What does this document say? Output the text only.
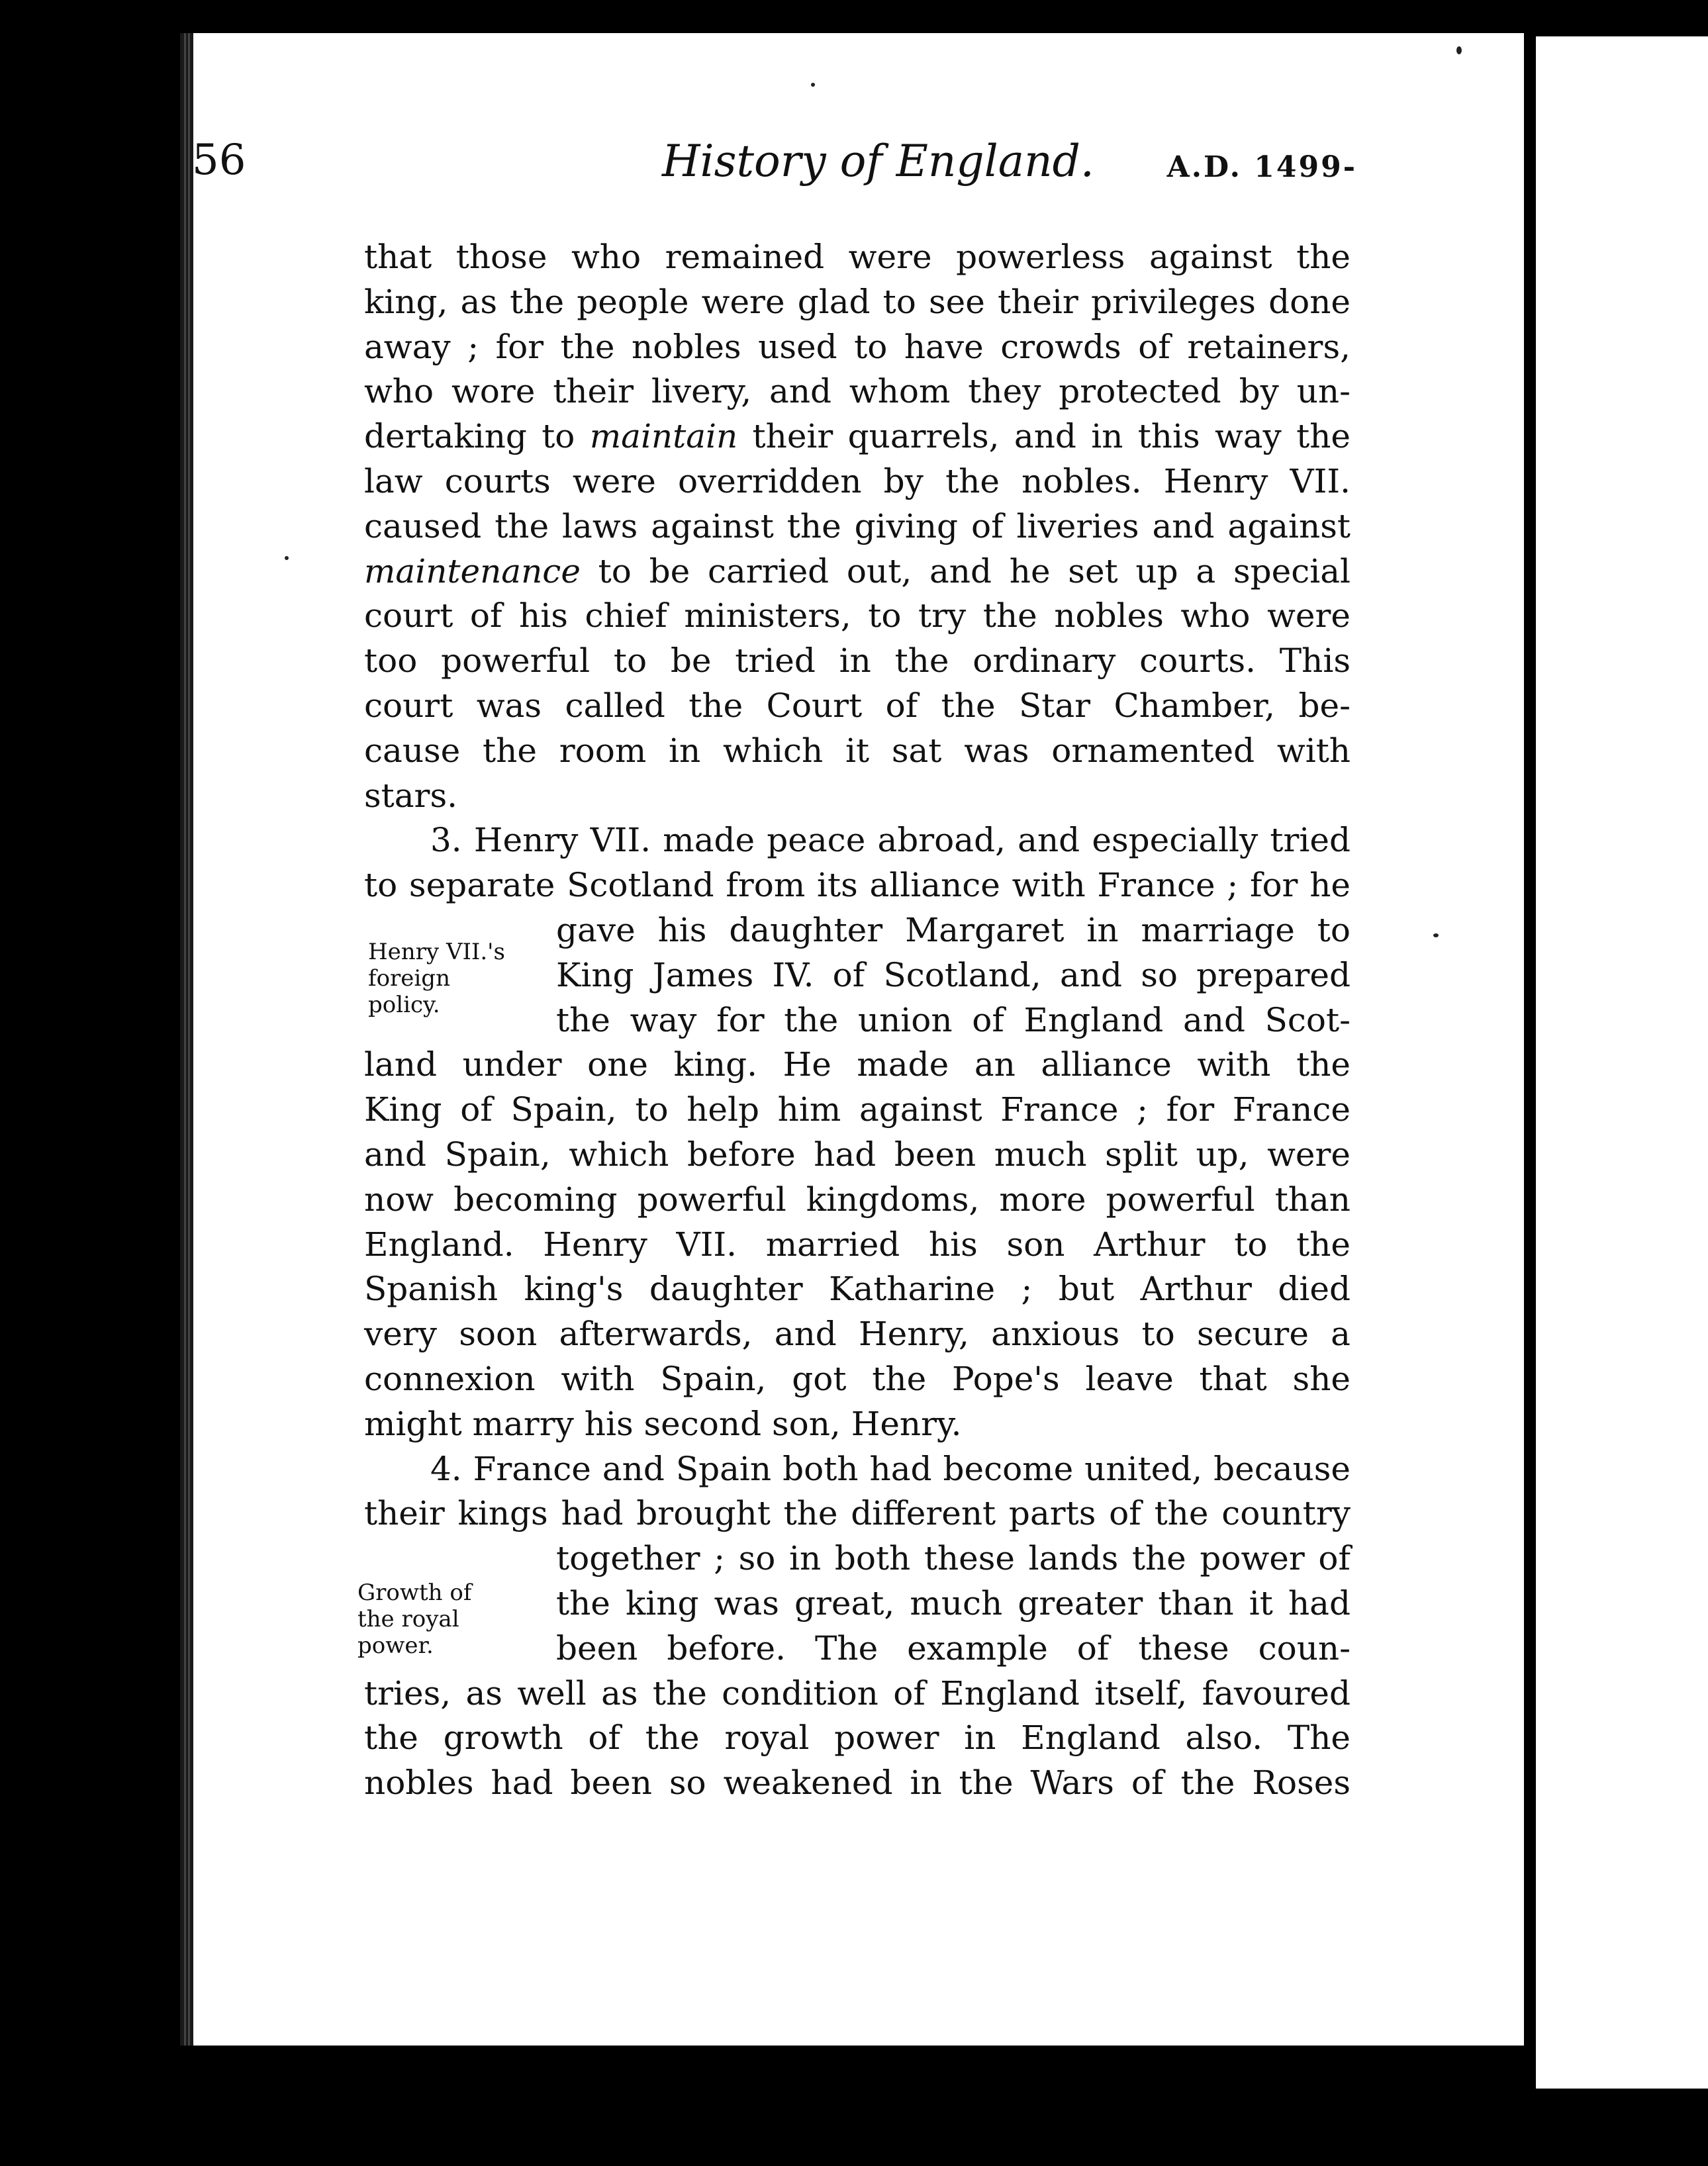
56	History of England. A.D. 1499-
that those who remained were powerless against the
king, as the people were glad to see their privileges done
away ; for the nobles used to have crowds of retainers,
who wore their livery, and whom they protected by un-
dertaking to maintain their quarrels, and in this way the
law courts were overridden by the nobles. Henry VII.
caused the laws against the giving of liveries and against
maintenance to be carried out, and he set up a special
court of his chief ministers, to try the nobles who were
too powerful to be tried in the ordinary courts. This
court was called the Court of the Star Chamber, be-
cause the room in which it sat was ornamented with
stars.
3. Henry VII. made peace abroad, and especially tried
to separate Scotland from its alliance with France ; for he
gave his daughter Margaret in marriage to
King James IV. of Scotland, and so prepared
the way for the union of England and Scot-
land under one king. He made an alliance with the
King of Spain, to help him against France ; for France
and Spain, which before had been much split up, were
now becoming powerful kingdoms, more powerful than
England. Henry VII. married his son Arthur to the
Spanish king's daughter Katharine ; but Arthur died
very soon afterwards, and Henry, anxious to secure a
connexion with Spain, got the Pope's leave that she
might marry his second son, Henry.
4. France and Spain both had become united, because
their kings had brought the different parts of the country
together ; so in both these lands the power of
the king was great, much greater than it had
been before. The example of these coun-
tries, as well as the condition of England itself, favoured
the growth of the royal power in England also. The
nobles had been so weakened in the Wars of the Roses
Henry VII.'s
foreign
policy.
Growth of
the royal
power.
